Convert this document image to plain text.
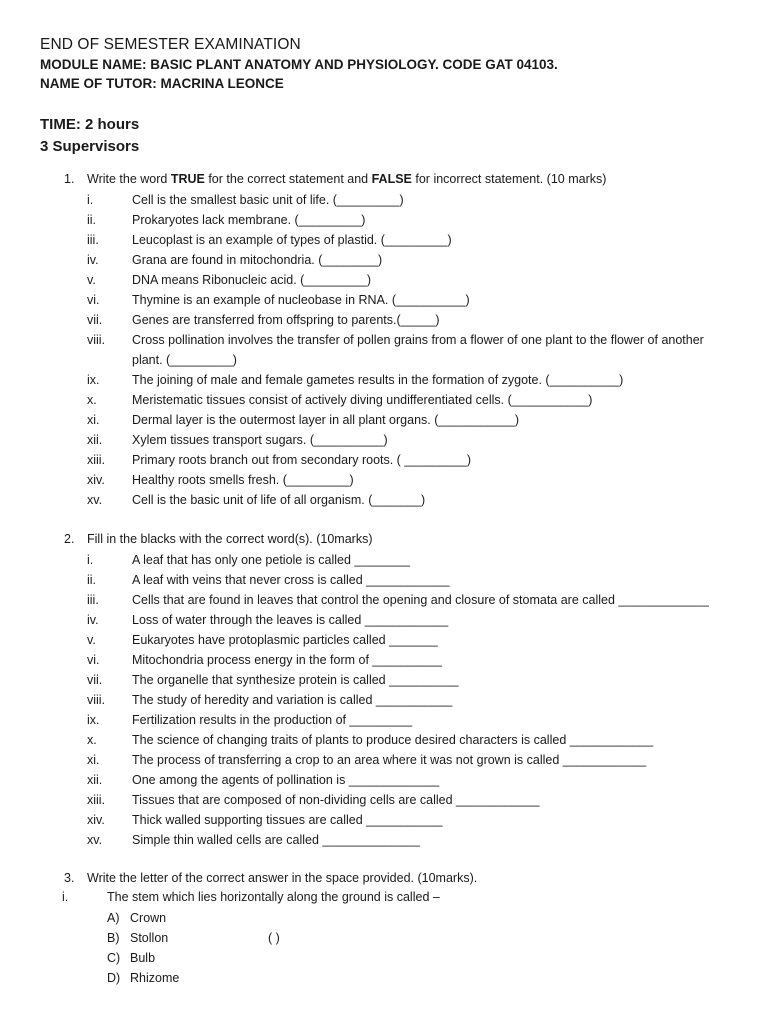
END OF SEMESTER EXAMINATION
MODULE NAME: BASIC PLANT ANATOMY AND PHYSIOLOGY. CODE GAT 04103.
NAME OF TUTOR: MACRINA LEONCE
TIME: 2 hours
3 Supervisors
1. Write the word TRUE for the correct statement and FALSE for incorrect statement. (10 marks)
i.	Cell is the smallest basic unit of life. (_________)
ii.	Prokaryotes lack membrane. (_________)
iii.	Leucoplast is an example of types of plastid. (_________)
iv.	Grana are found in mitochondria. (________)
v.	DNA means Ribonucleic acid. (_________)
vi.	Thymine is an example of nucleobase in RNA. (__________)
vii.	Genes are transferred from offspring to parents.(_____)
viii.	Cross pollination involves the transfer of pollen grains from a flower of one plant to the flower of another plant. (_________)
ix.	The joining of male and female gametes results in the formation of zygote. (__________)
x.	Meristematic tissues consist of actively diving undifferentiated cells. (___________)
xi.	Dermal layer is the outermost layer in all plant organs. (___________)
xii.	Xylem tissues transport sugars. (__________)
xiii.	Primary roots branch out from secondary roots. ( _________)
xiv.	Healthy roots smells fresh. (_________)
xv.	Cell is the basic unit of life of all organism. (_______)
2. Fill in the blacks with the correct word(s). (10marks)
i.	A leaf that has only one petiole is called ________
ii.	A leaf with veins that never cross is called ____________
iii.	Cells that are found in leaves that control the opening and closure of stomata are called _____________
iv.	Loss of water through the leaves is called ____________
v.	Eukaryotes have protoplasmic particles called _______
vi.	Mitochondria process energy in the form of __________
vii.	The organelle that synthesize protein is called __________
viii.	The study of heredity and variation is called ___________
ix.	Fertilization results in the production of _________
x.	The science of changing traits of plants to produce desired characters is called ____________
xi.	The process of transferring a crop to an area where it was not grown is called ____________
xii.	One among the agents of pollination is _____________
xiii.	Tissues that are composed of non-dividing cells are called ____________
xiv.	Thick walled supporting tissues are called ___________
xv.	Simple thin walled cells are called ______________
3. Write the letter of the correct answer in the space provided. (10marks).
i.	The stem which lies horizontally along the ground is called –
A) Crown
B) Stollon
C) Bulb
D) Rhizome
( )
